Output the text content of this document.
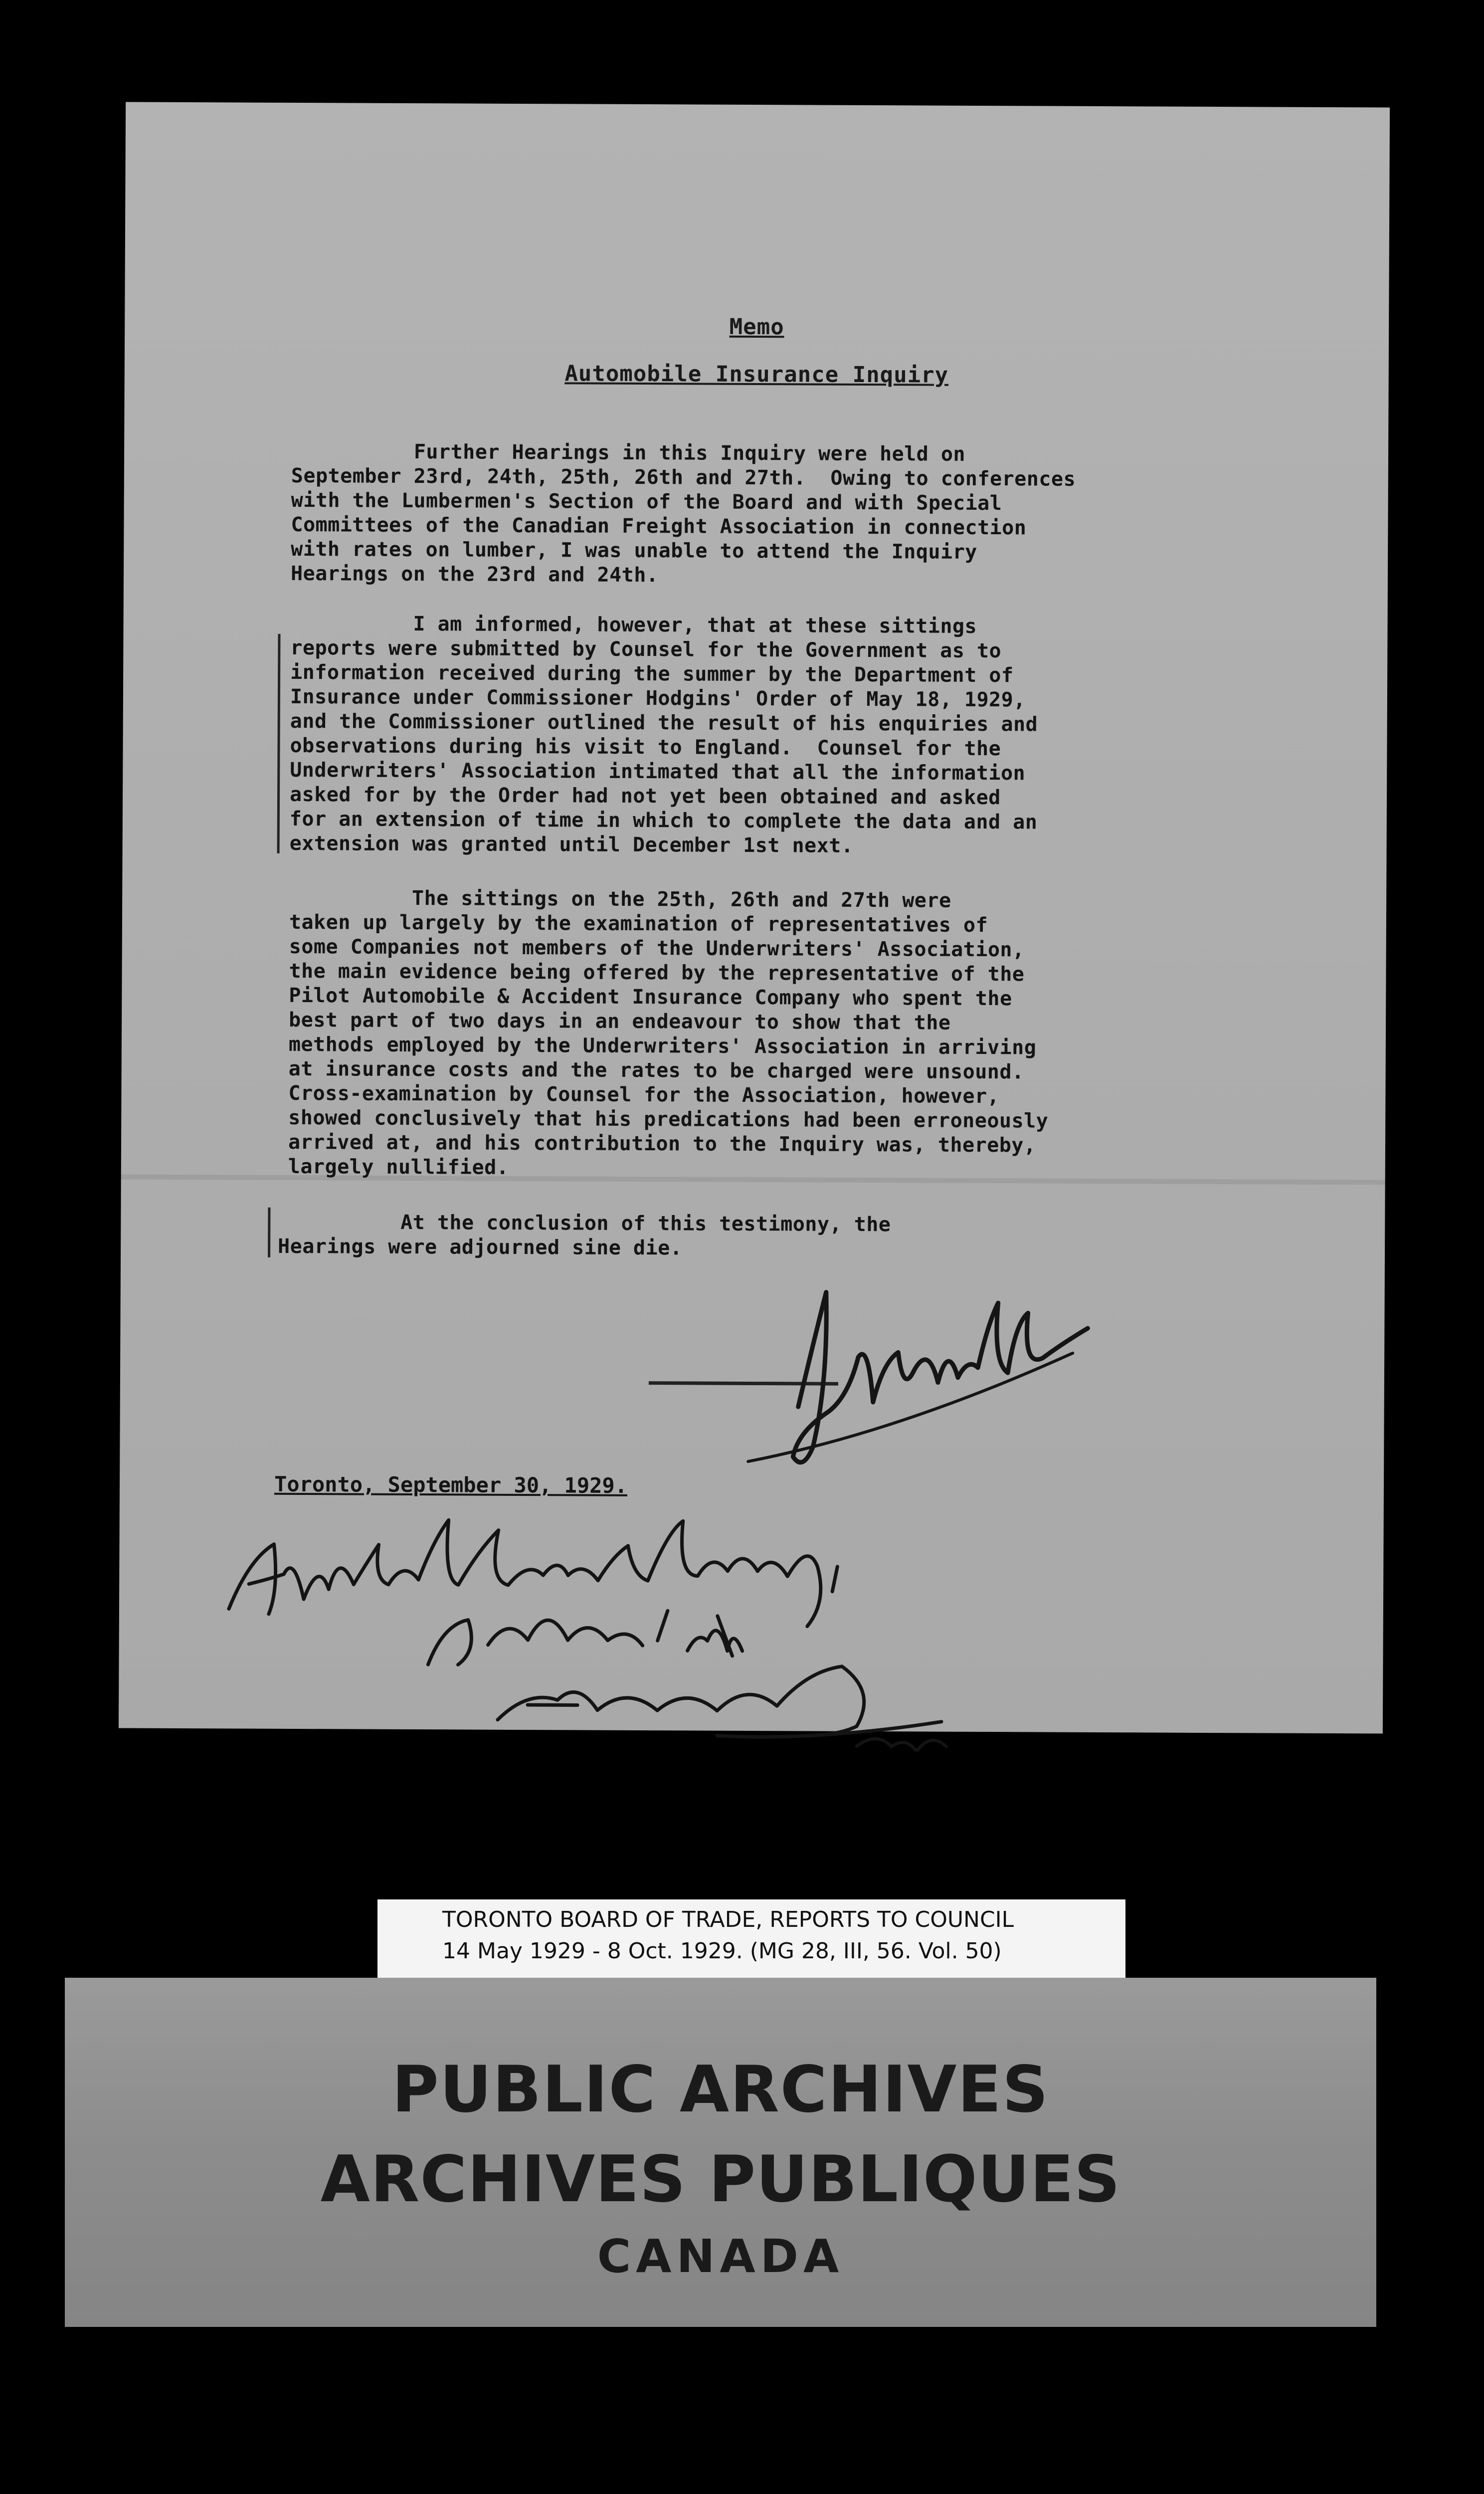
Memo
Automobile Insurance Inquiry
Further Hearings in this Inquiry were held on
September 23rd, 24th, 25th, 26th and 27th.  Owing to conferences
with the Lumbermen's Section of the Board and with Special
Committees of the Canadian Freight Association in connection
with rates on lumber, I was unable to attend the Inquiry
Hearings on the 23rd and 24th.
I am informed, however, that at these sittings
reports were submitted by Counsel for the Government as to
information received during the summer by the Department of
Insurance under Commissioner Hodgins' Order of May 18, 1929,
and the Commissioner outlined the result of his enquiries and
observations during his visit to England.  Counsel for the
Underwriters' Association intimated that all the information
asked for by the Order had not yet been obtained and asked
for an extension of time in which to complete the data and an
extension was granted until December 1st next.
The sittings on the 25th, 26th and 27th were
taken up largely by the examination of representatives of
some Companies not members of the Underwriters' Association,
the main evidence being offered by the representative of the
Pilot Automobile & Accident Insurance Company who spent the
best part of two days in an endeavour to show that the
methods employed by the Underwriters' Association in arriving
at insurance costs and the rates to be charged were unsound.
Cross-examination by Counsel for the Association, however,
showed conclusively that his predications had been erroneously
arrived at, and his contribution to the Inquiry was, thereby,
largely nullified.
At the conclusion of this testimony, the
Hearings were adjourned sine die.
Toronto, September 30, 1929.
TORONTO BOARD OF TRADE, REPORTS TO COUNCIL
14 May 1929 - 8 Oct. 1929. (MG 28, III, 56. Vol. 50)
PUBLIC ARCHIVES
ARCHIVES PUBLIQUES
CANADA
